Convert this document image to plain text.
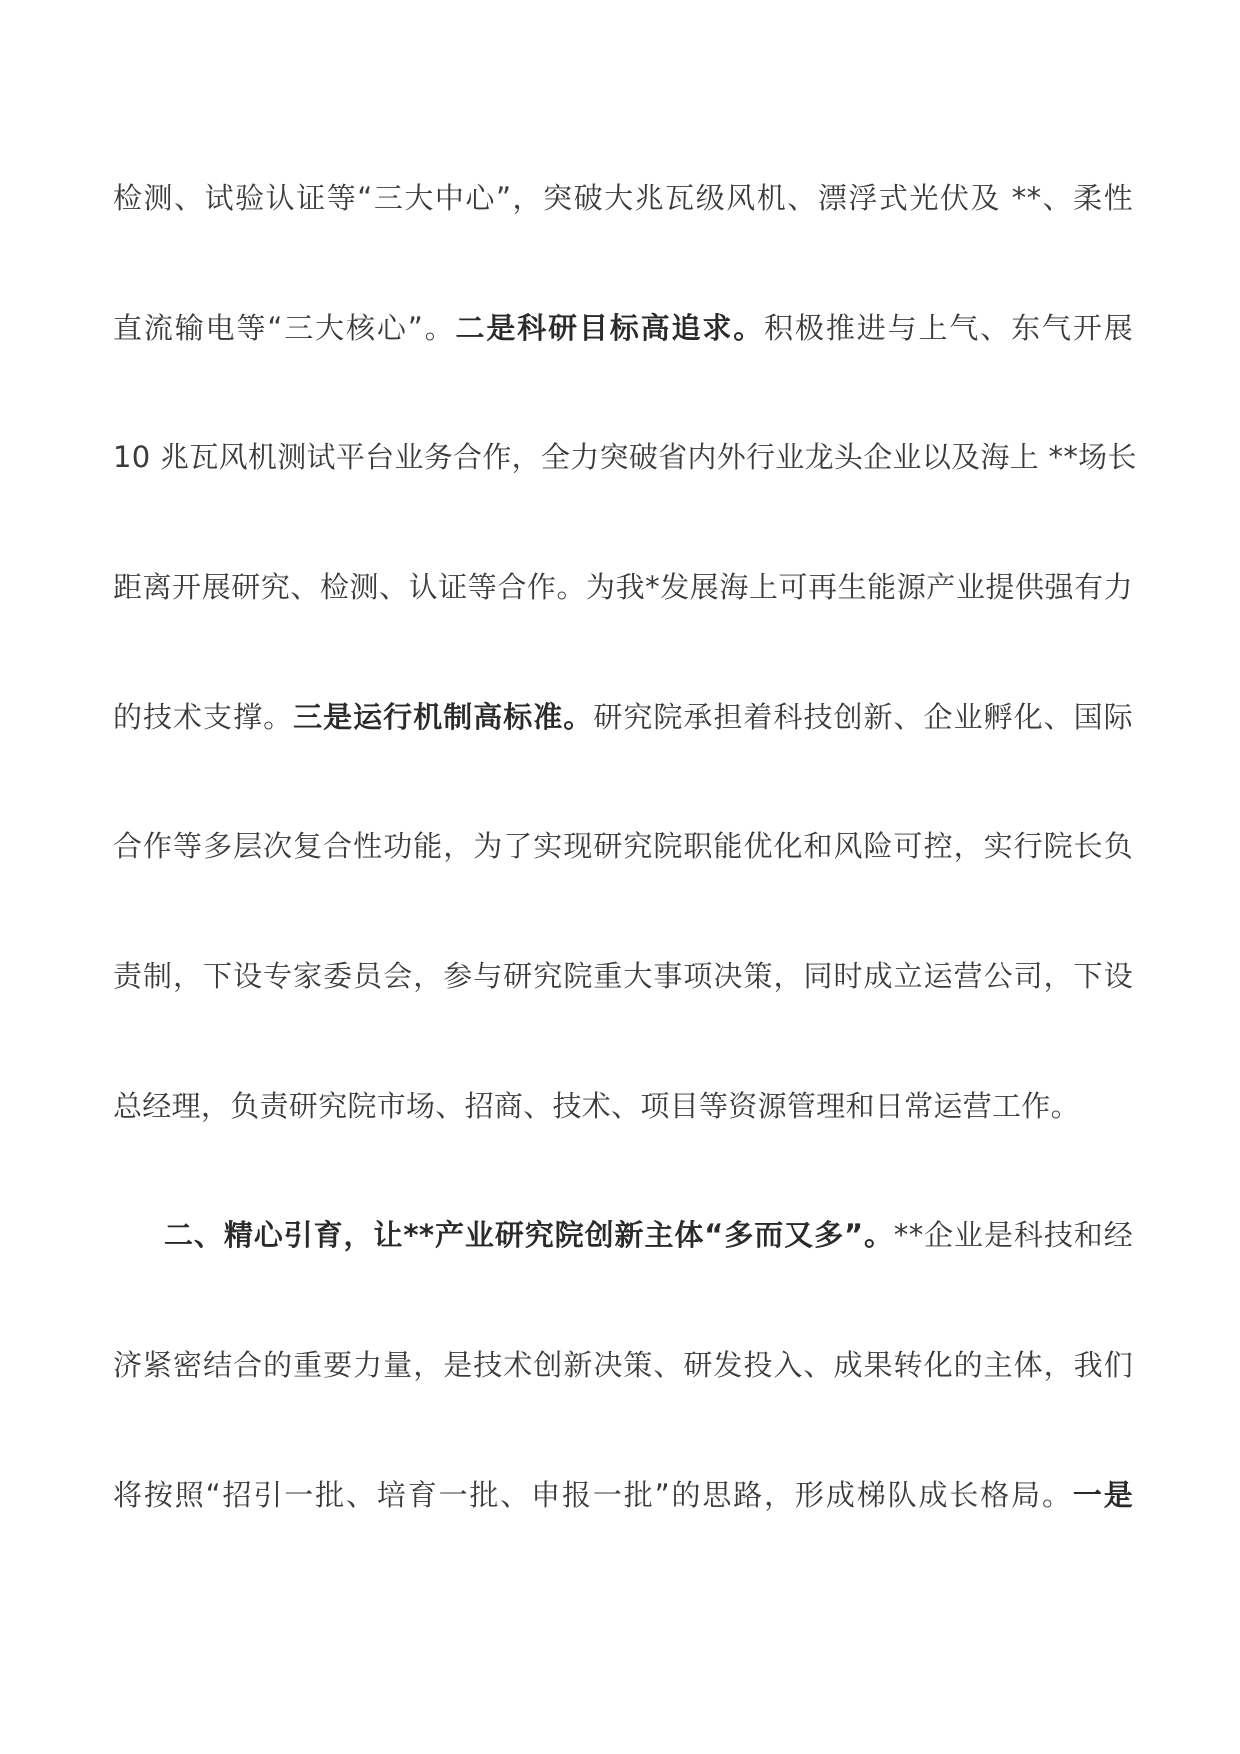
检测、试验认证等“三大中心”，突破大兆瓦级风机、漂浮式光伏及 **、柔性
直流输电等“三大核心”。二是科研目标高追求。积极推进与上气、东气开展
10 兆瓦风机测试平台业务合作，全力突破省内外行业龙头企业以及海上 **场长
距离开展研究、检测、认证等合作。为我*发展海上可再生能源产业提供强有力
的技术支撑。三是运行机制高标准。研究院承担着科技创新、企业孵化、国际
合作等多层次复合性功能，为了实现研究院职能优化和风险可控，实行院长负
责制，下设专家委员会，参与研究院重大事项决策，同时成立运营公司，下设
总经理，负责研究院市场、招商、技术、项目等资源管理和日常运营工作。
二、精心引育，让**产业研究院创新主体“多而又多”。**企业是科技和经
济紧密结合的重要力量，是技术创新决策、研发投入、成果转化的主体，我们
将按照“招引一批、培育一批、申报一批”的思路，形成梯队成长格局。一是
